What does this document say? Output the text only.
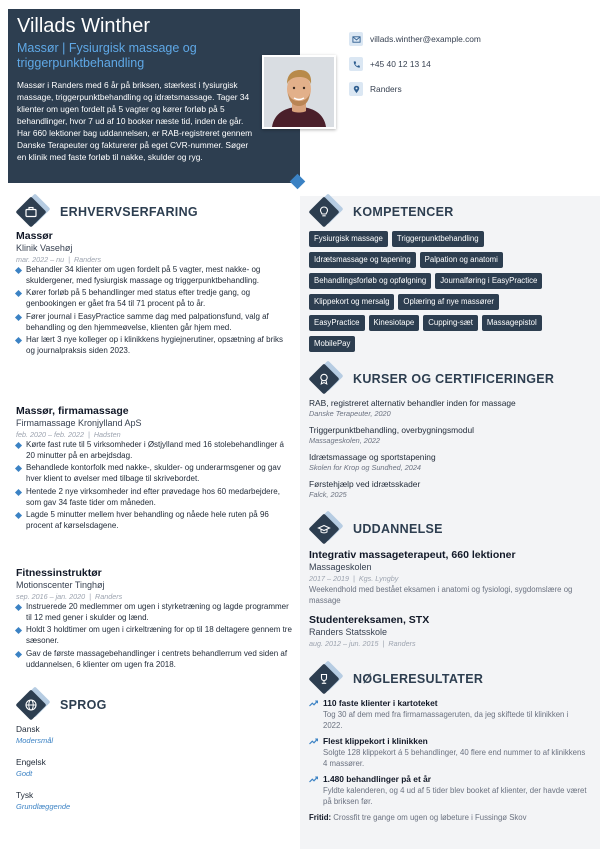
Villads Winther
Massør | Fysiurgisk massage og triggerpunktbehandling
Massør i Randers med 6 år på briksen, stærkest i fysiurgisk massage, triggerpunktbehandling og idrætsmassage. Tager 34 klienter om ugen fordelt på 5 vagter og kører forløb på 5 behandlinger, hvor 7 ud af 10 booker næste tid, inden de går. Har 660 lektioner bag uddannelsen, er RAB-registreret gennem Danske Terapeuter og fakturerer på eget CVR-nummer. Søger en klinik med faste forløb til nakke, skulder og ryg.
villads.winther@example.com
+45 40 12 13 14
Randers
ERHVERVSERFARING
Massør
Klinik Vasehøj
mar. 2022 – nu | Randers
Behandler 34 klienter om ugen fordelt på 5 vagter, mest nakke- og skuldergener, med fysiurgisk massage og triggerpunktbehandling.
Kører forløb på 5 behandlinger med status efter tredje gang, og genbookingen er gået fra 54 til 71 procent på to år.
Fører journal i EasyPractice samme dag med palpationsfund, valg af behandling og den hjemmeøvelse, klienten går hjem med.
Har lært 3 nye kolleger op i klinikkens hygiejnerutiner, opsætning af briks og journalpraksis siden 2023.
Massør, firmamassage
Firmamassage Kronjylland ApS
feb. 2020 – feb. 2022 | Hadsten
Kørte fast rute til 5 virksomheder i Østjylland med 16 stolebehandlinger á 20 minutter på en arbejdsdag.
Behandlede kontorfolk med nakke-, skulder- og underarmsgener og gav hver klient to øvelser med tilbage til skrivebordet.
Hentede 2 nye virksomheder ind efter prøvedage hos 60 medarbejdere, som gav 34 faste tider om måneden.
Lagde 5 minutter mellem hver behandling og nåede hele ruten på 96 procent af kørselsdagene.
Fitnessinstruktør
Motionscenter Tinghøj
sep. 2016 – jan. 2020 | Randers
Instruerede 20 medlemmer om ugen i styrketræning og lagde programmer til 12 med gener i skulder og lænd.
Holdt 3 holdtimer om ugen i cirkeltræning for op til 18 deltagere gennem tre sæsoner.
Gav de første massagebehandlinger i centrets behandlerrum ved siden af uddannelsen, 6 klienter om ugen fra 2018.
SPROG
Dansk
Modersmål
Engelsk
Godt
Tysk
Grundlæggende
KOMPETENCER
Fysiurgisk massage	Triggerpunktbehandling
Idrætsmassage og tapening	Palpation og anatomi
Behandlingsforløb og opfølgning	Journalføring i EasyPractice
Klippekort og mersalg	Oplæring af nye massører
EasyPractice	Kinesiotape	Cupping-sæt	Massagepistol
MobilePay
KURSER OG CERTIFICERINGER
RAB, registreret alternativ behandler inden for massage
Danske Terapeuter, 2020
Triggerpunktbehandling, overbygningsmodul
Massageskolen, 2022
Idrætsmassage og sportstapening
Skolen for Krop og Sundhed, 2024
Førstehjælp ved idrætsskader
Falck, 2025
UDDANNELSE
Integrativ massageterapeut, 660 lektioner
Massageskolen
2017 – 2019 | Kgs. Lyngby
Weekendhold med bestået eksamen i anatomi og fysiologi, sygdomslære og massage
Studentereksamen, STX
Randers Statsskole
aug. 2012 – jun. 2015 | Randers
NØGLERESULTATER
110 faste klienter i kartoteket
Tog 30 af dem med fra firmamassageruten, da jeg skiftede til klinikken i 2022.
Flest klippekort i klinikken
Solgte 128 klippekort á 5 behandlinger, 40 flere end nummer to af klinikkens 4 massører.
1.480 behandlinger på et år
Fyldte kalenderen, og 4 ud af 5 tider blev booket af klienter, der havde været på briksen før.
Fritid: Crossfit tre gange om ugen og løbeture i Fussingø Skov
